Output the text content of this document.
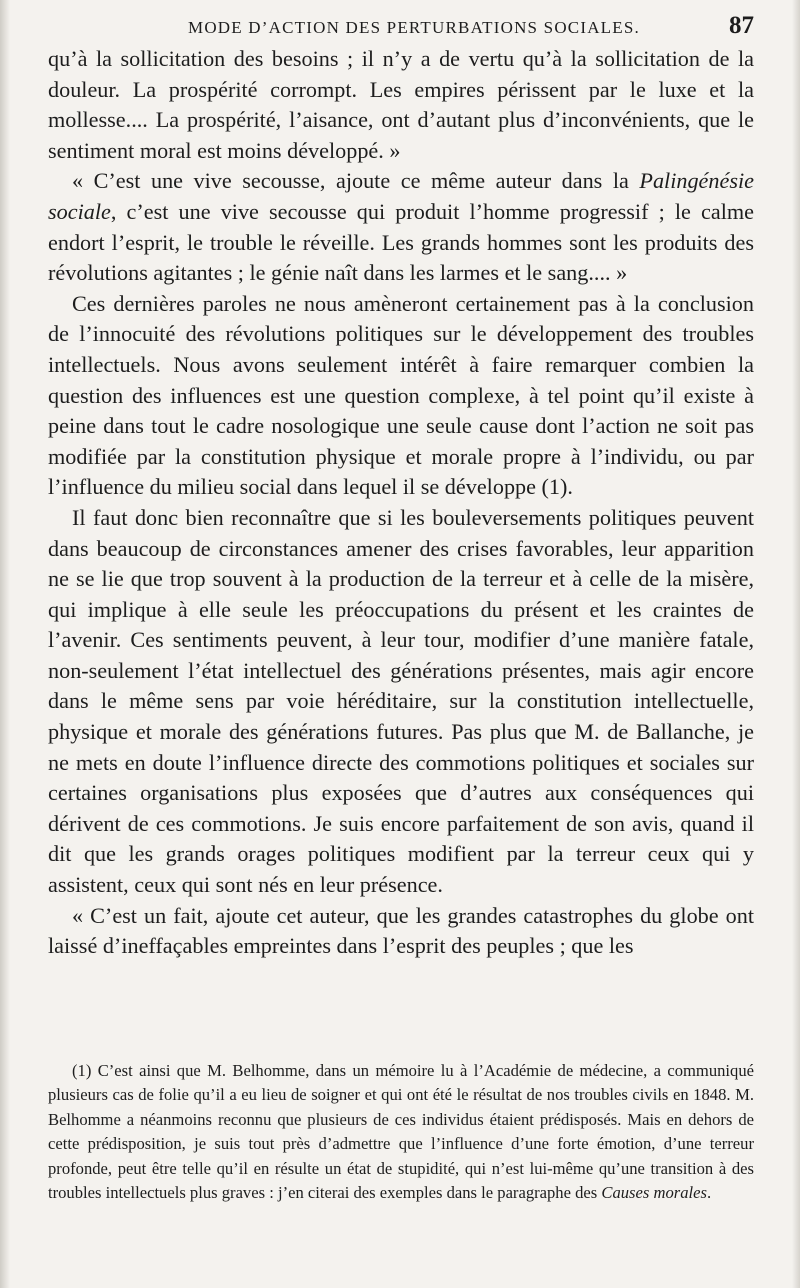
MODE D’ACTION DES PERTURBATIONS SOCIALES.	87

qu’à la sollicitation des besoins ; il n’y a de vertu qu’à la sollicitation de la douleur. La prospérité corrompt. Les empires périssent par le luxe et la mollesse.... La prospérité, l’aisance, ont d’autant plus d’inconvénients, que le sentiment moral est moins développé. »

« C’est une vive secousse, ajoute ce même auteur dans la Palingénésie sociale, c’est une vive secousse qui produit l’homme progressif ; le calme endort l’esprit, le trouble le réveille. Les grands hommes sont les produits des révolutions agitantes ; le génie naît dans les larmes et le sang.... »

Ces dernières paroles ne nous amèneront certainement pas à la conclusion de l’innocuité des révolutions politiques sur le développement des troubles intellectuels. Nous avons seulement intérêt à faire remarquer combien la question des influences est une question complexe, à tel point qu’il existe à peine dans tout le cadre nosologique une seule cause dont l’action ne soit pas modifiée par la constitution physique et morale propre à l’individu, ou par l’influence du milieu social dans lequel il se développe (1).

Il faut donc bien reconnaître que si les bouleversements politiques peuvent dans beaucoup de circonstances amener des crises favorables, leur apparition ne se lie que trop souvent à la production de la terreur et à celle de la misère, qui implique à elle seule les préoccupations du présent et les craintes de l’avenir. Ces sentiments peuvent, à leur tour, modifier d’une manière fatale, non-seulement l’état intellectuel des générations présentes, mais agir encore dans le même sens par voie héréditaire, sur la constitution intellectuelle, physique et morale des générations futures. Pas plus que M. de Ballanche, je ne mets en doute l’influence directe des commotions politiques et sociales sur certaines organisations plus exposées que d’autres aux conséquences qui dérivent de ces commotions. Je suis encore parfaitement de son avis, quand il dit que les grands orages politiques modifient par la terreur ceux qui y assistent, ceux qui sont nés en leur présence.

« C’est un fait, ajoute cet auteur, que les grandes catastrophes du globe ont laissé d’ineffaçables empreintes dans l’esprit des peuples ; que les

(1) C’est ainsi que M. Belhomme, dans un mémoire lu à l’Académie de médecine, a communiqué plusieurs cas de folie qu’il a eu lieu de soigner et qui ont été le résultat de nos troubles civils en 1848. M. Belhomme a néanmoins reconnu que plusieurs de ces individus étaient prédisposés. Mais en dehors de cette prédisposition, je suis tout près d’admettre que l’influence d’une forte émotion, d’une terreur profonde, peut être telle qu’il en résulte un état de stupidité, qui n’est lui-même qu’une transition à des troubles intellectuels plus graves : j’en citerai des exemples dans le paragraphe des Causes morales.
